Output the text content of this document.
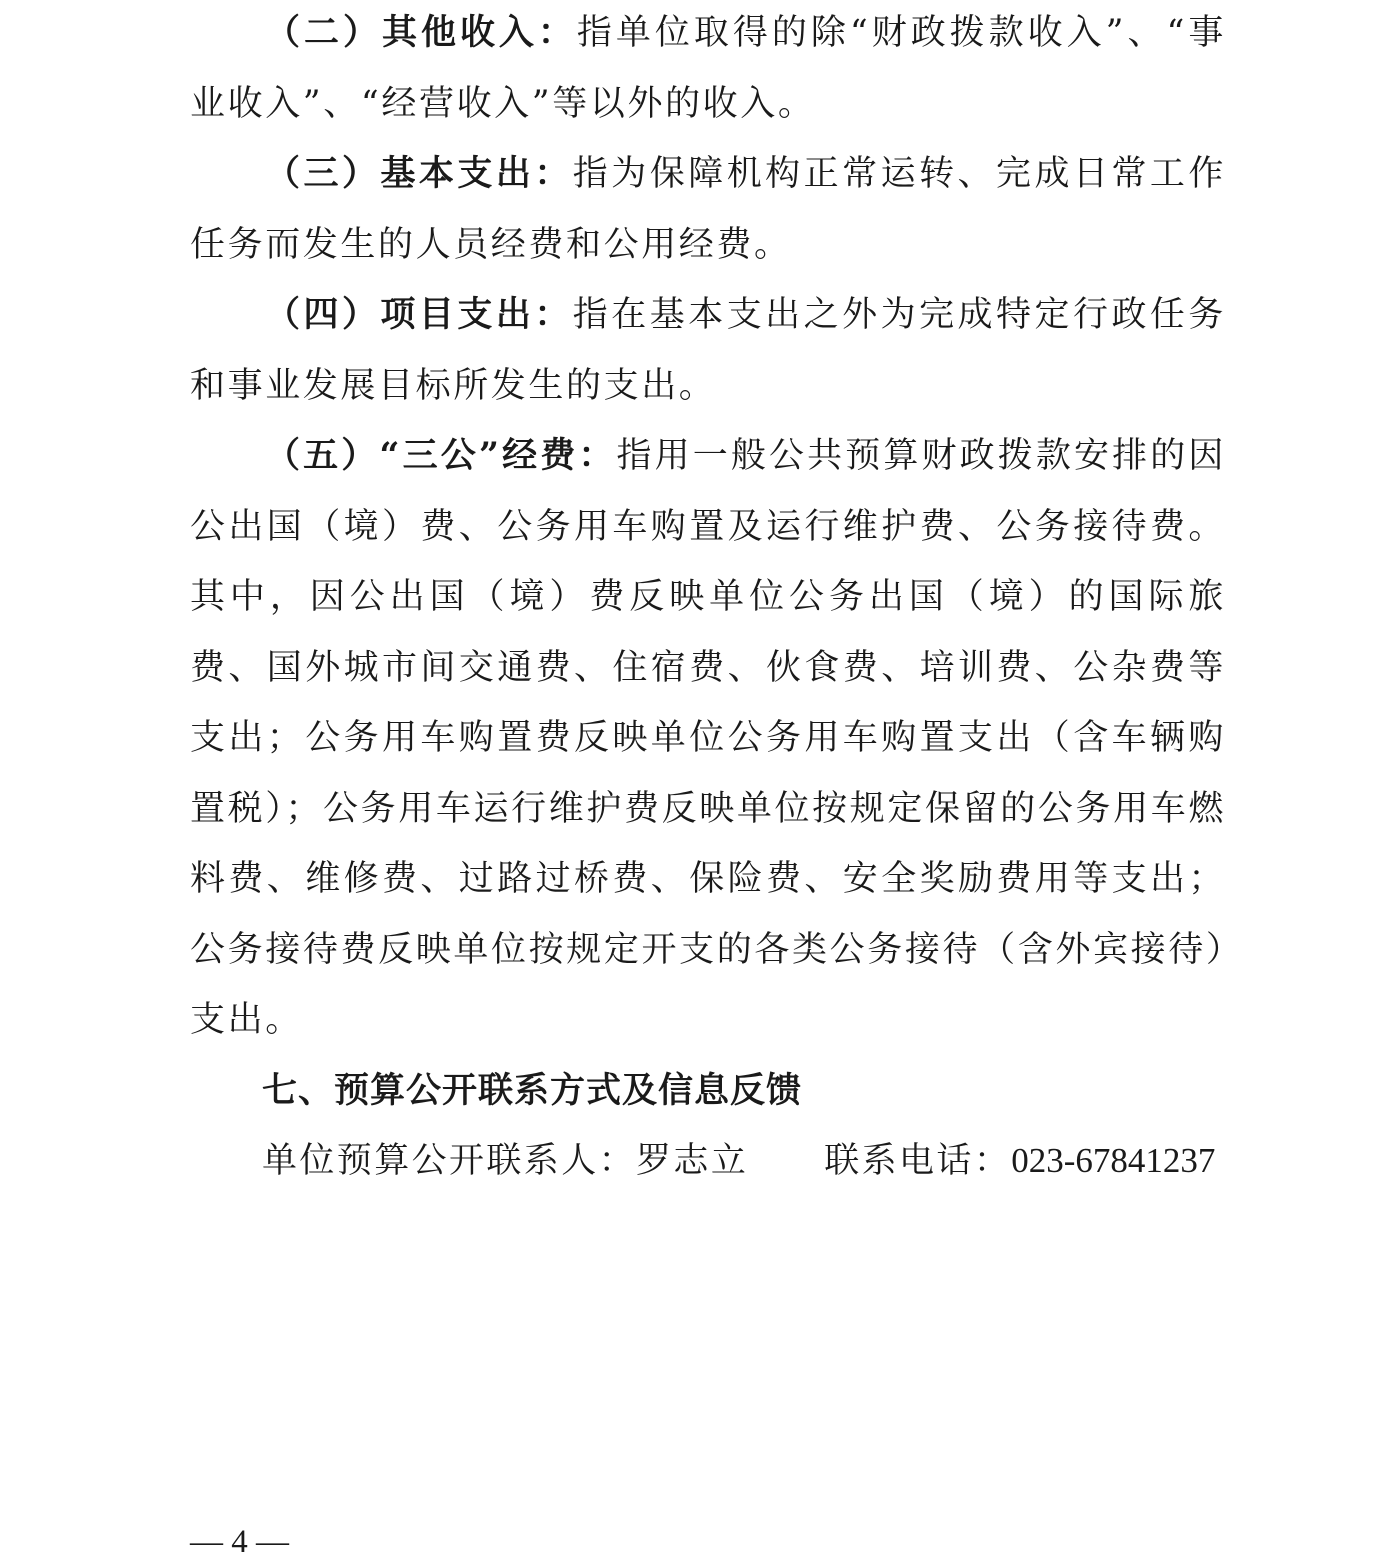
（二）其他收入：指单位取得的除“财政拨款收入”、“事业收入”、“经营收入”等以外的收入。

（三）基本支出：指为保障机构正常运转、完成日常工作任务而发生的人员经费和公用经费。

（四）项目支出：指在基本支出之外为完成特定行政任务和事业发展目标所发生的支出。

（五）“三公”经费：指用一般公共预算财政拨款安排的因公出国（境）费、公务用车购置及运行维护费、公务接待费。其中，因公出国（境）费反映单位公务出国（境）的国际旅费、国外城市间交通费、住宿费、伙食费、培训费、公杂费等支出；公务用车购置费反映单位公务用车购置支出（含车辆购置税）；公务用车运行维护费反映单位按规定保留的公务用车燃料费、维修费、过路过桥费、保险费、安全奖励费用等支出；公务接待费反映单位按规定开支的各类公务接待（含外宾接待）支出。

七、预算公开联系方式及信息反馈

单位预算公开联系人：罗志立 联系电话：023-67841237

— 4 —
